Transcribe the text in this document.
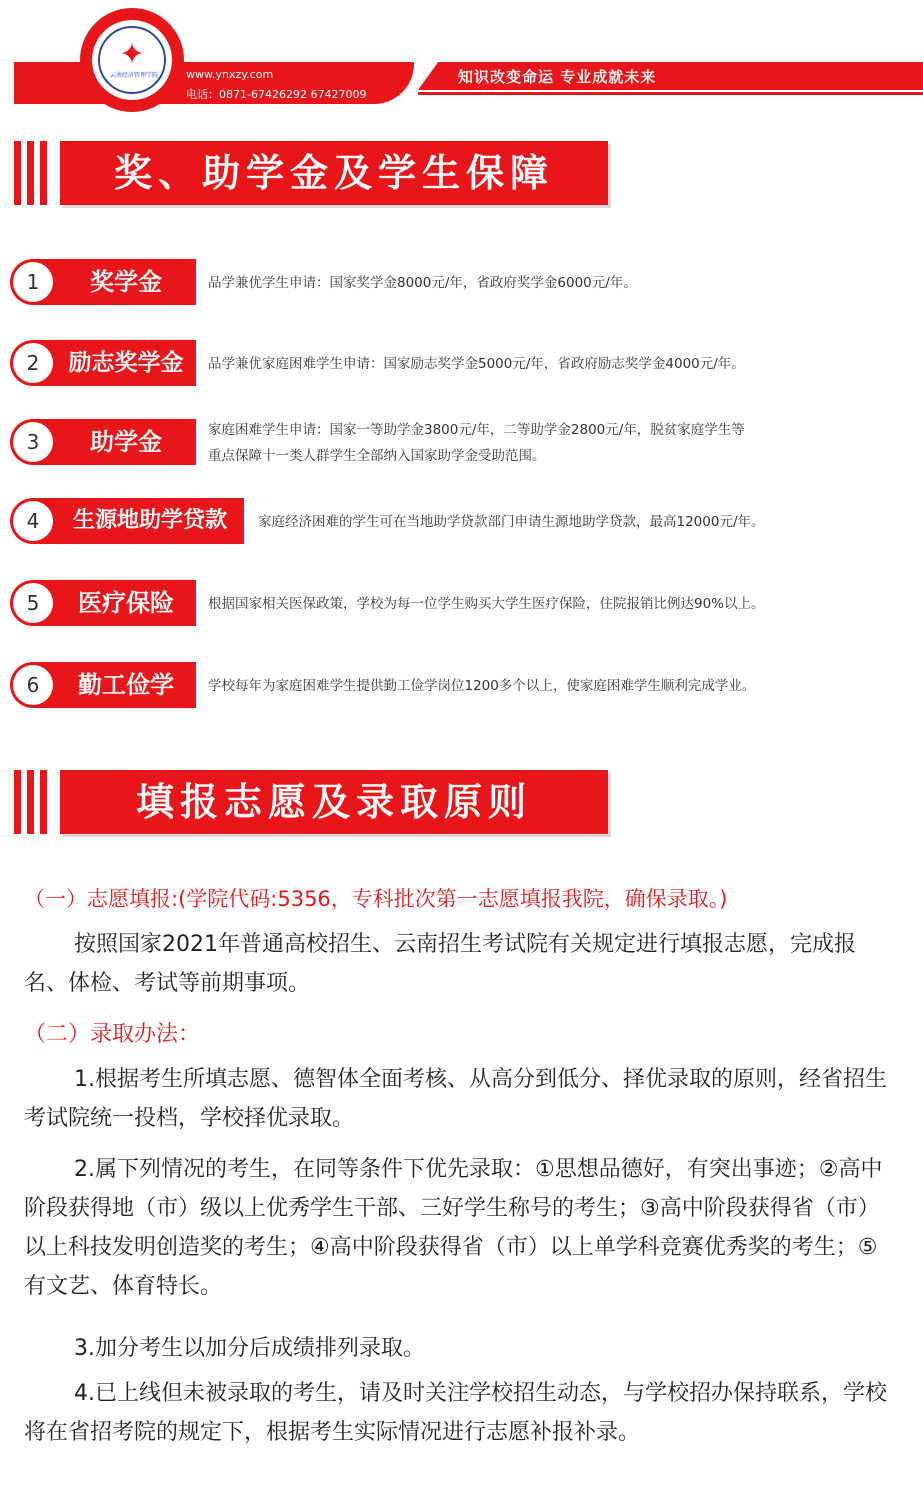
知识改变命运 专业成就未来
✦
云南经济管理学院	www.ynxzy.com
电话：0871-67426292 67427009
奖、助学金及学生保障
1	奖学金	品学兼优学生申请：国家奖学金8000元/年，省政府奖学金6000元/年。
2	励志奖学金	品学兼优家庭困难学生申请：国家励志奖学金5000元/年，省政府励志奖学金4000元/年。
3	助学金	家庭困难学生申请：国家一等助学金3800元/年，二等助学金2800元/年，脱贫家庭学生等
重点保障十一类人群学生全部纳入国家助学金受助范围。
4	生源地助学贷款	家庭经济困难的学生可在当地助学贷款部门申请生源地助学贷款，最高12000元/年。
5	医疗保险	根据国家相关医保政策，学校为每一位学生购买大学生医疗保险，住院报销比例达90%以上。
6	勤工俭学	学校每年为家庭困难学生提供勤工俭学岗位1200多个以上，使家庭困难学生顺利完成学业。
填报志愿及录取原则
（一）志愿填报:(学院代码:5356，专科批次第一志愿填报我院，确保录取。)
按照国家2021年普通高校招生、云南招生考试院有关规定进行填报志愿，完成报名、体检、考试等前期事项。
（二）录取办法：
1.根据考生所填志愿、德智体全面考核、从高分到低分、择优录取的原则，经省招生考试院统一投档，学校择优录取。
2.属下列情况的考生，在同等条件下优先录取：①思想品德好，有突出事迹；②高中阶段获得地（市）级以上优秀学生干部、三好学生称号的考生；③高中阶段获得省（市）以上科技发明创造奖的考生；④高中阶段获得省（市）以上单学科竞赛优秀奖的考生；⑤有文艺、体育特长。
3.加分考生以加分后成绩排列录取。
4.已上线但未被录取的考生，请及时关注学校招生动态，与学校招办保持联系，学校将在省招考院的规定下，根据考生实际情况进行志愿补报补录。
